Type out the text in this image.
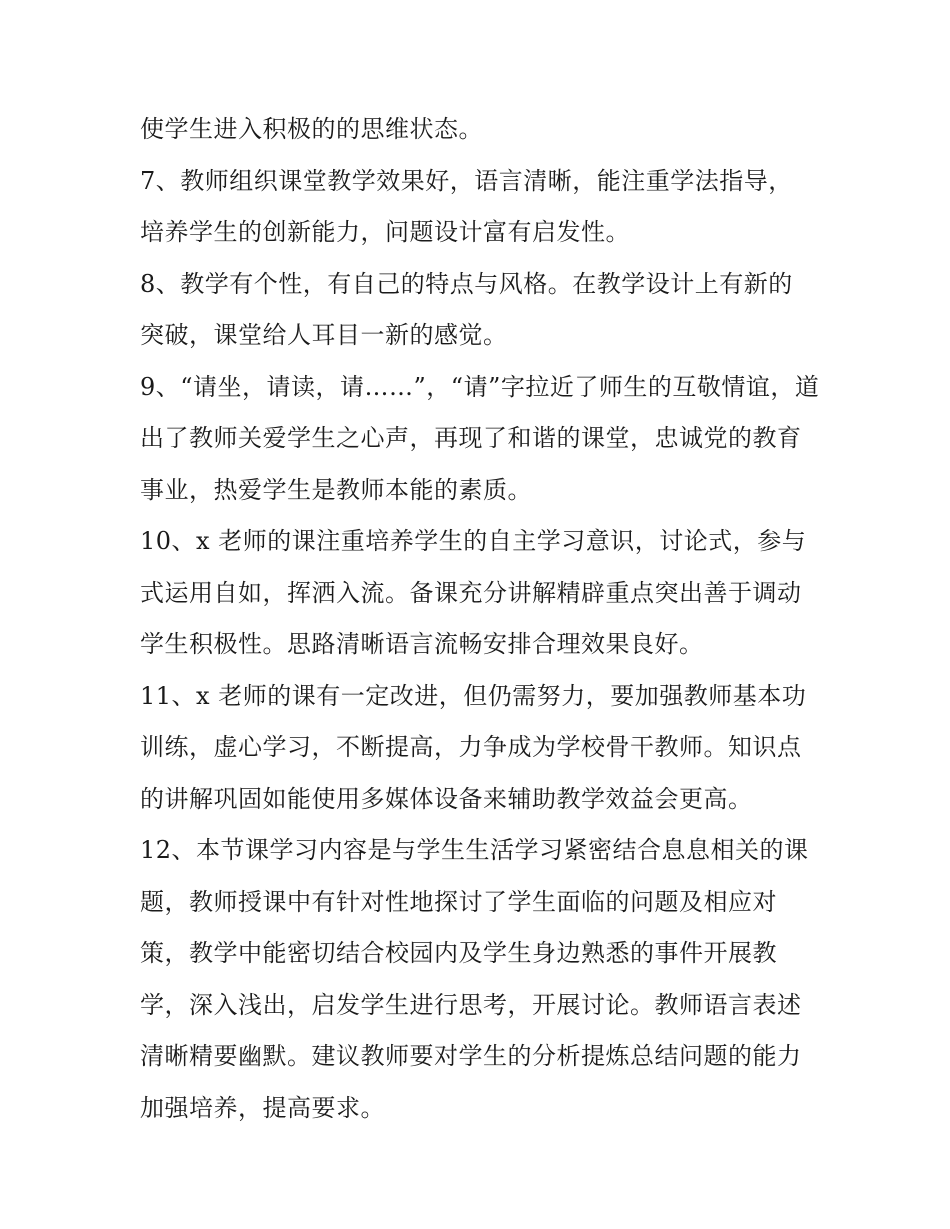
使学生进入积极的的思维状态。
7、教师组织课堂教学效果好，语言清晰，能注重学法指导，
培养学生的创新能力，问题设计富有启发性。
8、教学有个性，有自己的特点与风格。在教学设计上有新的
突破，课堂给人耳目一新的感觉。
9、“请坐，请读，请……”，“请”字拉近了师生的互敬情谊，道
出了教师关爱学生之心声，再现了和谐的课堂，忠诚党的教育
事业，热爱学生是教师本能的素质。
10、x 老师的课注重培养学生的自主学习意识，讨论式，参与
式运用自如，挥洒入流。备课充分讲解精辟重点突出善于调动
学生积极性。思路清晰语言流畅安排合理效果良好。
11、x 老师的课有一定改进，但仍需努力，要加强教师基本功
训练，虚心学习，不断提高，力争成为学校骨干教师。知识点
的讲解巩固如能使用多媒体设备来辅助教学效益会更高。
12、本节课学习内容是与学生生活学习紧密结合息息相关的课
题，教师授课中有针对性地探讨了学生面临的问题及相应对
策，教学中能密切结合校园内及学生身边熟悉的事件开展教
学，深入浅出，启发学生进行思考，开展讨论。教师语言表述
清晰精要幽默。建议教师要对学生的分析提炼总结问题的能力
加强培养，提高要求。
